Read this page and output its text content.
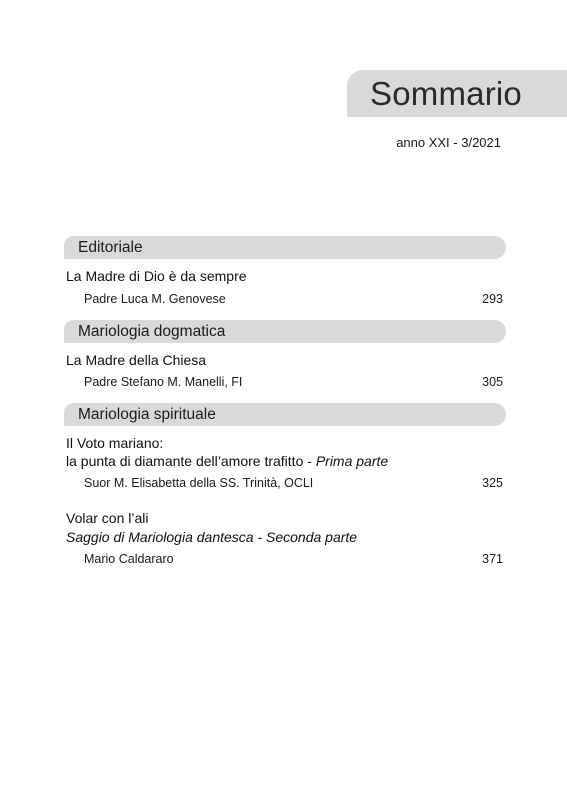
Sommario
anno XXI - 3/2021
Editoriale
La Madre di Dio è da sempre
Padre Luca M. Genovese	293
Mariologia dogmatica
La Madre della Chiesa
Padre Stefano M. Manelli, FI	305
Mariologia spirituale
Il Voto mariano:
la punta di diamante dell’amore trafitto - Prima parte
Suor M. Elisabetta della SS. Trinità, OCLI	325
Volar con l’ali
Saggio di Mariologia dantesca - Seconda parte
Mario Caldararo	371
